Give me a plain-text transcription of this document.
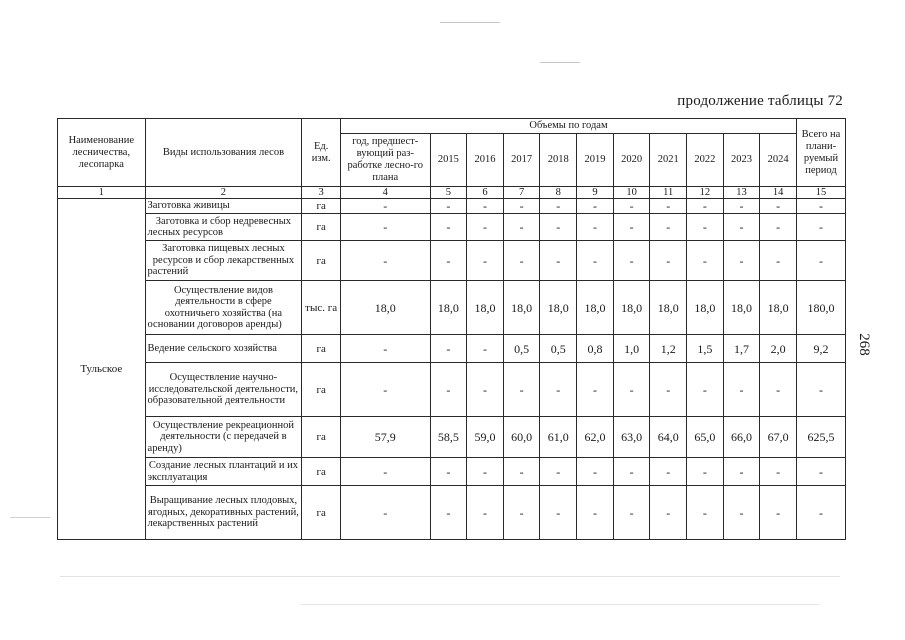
продолжение таблицы 72
268
Наименование лесничества, лесопарка	Виды использования лесов	Ед. изм.	Объемы по годам											Всего на плани-руемый период
			год, предшест-вующий раз-работке лесно-го плана	2015	2016	2017	2018	2019	2020	2021	2022	2023	2024	
1	2	3	4	5	6	7	8	9	10	11	12	13	14	15
Тульское	Заготовка живицы	га	-	-	-	-	-	-	-	-	-	-	-	-
	Заготовка и сбор недревесных лесных ресурсов	га	-	-	-	-	-	-	-	-	-	-	-	-
	Заготовка пищевых лесных ресурсов и сбор лекарственных растений	га	-	-	-	-	-	-	-	-	-	-	-	-
	Осуществление видов деятельности в сфере охотничьего хозяйства (на основании договоров аренды)	тыс. га	18,0	18,0	18,0	18,0	18,0	18,0	18,0	18,0	18,0	18,0	18,0	180,0
	Ведение сельского хозяйства	га	-	-	-	0,5	0,5	0,8	1,0	1,2	1,5	1,7	2,0	9,2
	Осуществление научно-исследовательской деятельности, образовательной деятельности	га	-	-	-	-	-	-	-	-	-	-	-	-
	Осуществление рекреационной деятельности (с передачей в аренду)	га	57,9	58,5	59,0	60,0	61,0	62,0	63,0	64,0	65,0	66,0	67,0	625,5
	Создание лесных плантаций и их эксплуатация	га	-	-	-	-	-	-	-	-	-	-	-	-
	Выращивание лесных плодовых, ягодных, декоративных растений, лекарственных растений	га	-	-	-	-	-	-	-	-	-	-	-	-
